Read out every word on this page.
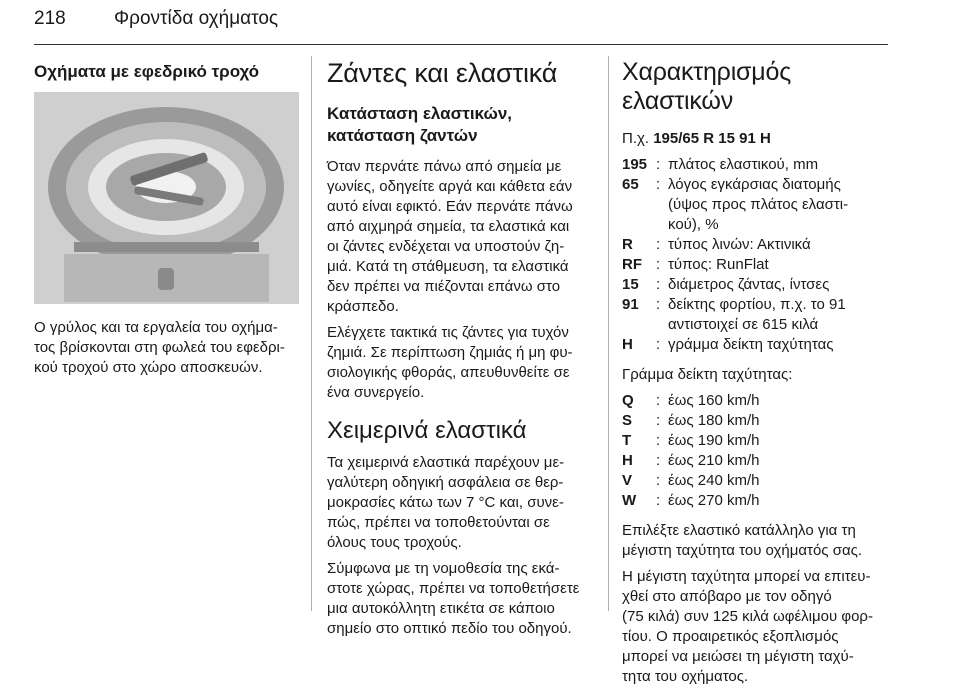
218	Φροντίδα οχήματος
Οχήματα με εφεδρικό τροχό
Ο γρύλος και τα εργαλεία του οχήμα-
τος βρίσκονται στη φωλεά του εφεδρι-
κού τροχού στο χώρο αποσκευών.
Ζάντες και ελαστικά
Κατάσταση ελαστικών,
κατάσταση ζαντών

Όταν περνάτε πάνω από σημεία με
γωνίες, οδηγείτε αργά και κάθετα εάν
αυτό είναι εφικτό. Εάν περνάτε πάνω
από αιχμηρά σημεία, τα ελαστικά και
οι ζάντες ενδέχεται να υποστούν ζη-
μιά. Κατά τη στάθμευση, τα ελαστικά
δεν πρέπει να πιέζονται επάνω στο
κράσπεδο.

Ελέγχετε τακτικά τις ζάντες για τυχόν
ζημιά. Σε περίπτωση ζημιάς ή μη φυ-
σιολογικής φθοράς, απευθυνθείτε σε
ένα συνεργείο.

Χειμερινά ελαστικά

Τα χειμερινά ελαστικά παρέχουν με-
γαλύτερη οδηγική ασφάλεια σε θερ-
μοκρασίες κάτω των 7 °C και, συνε-
πώς, πρέπει να τοποθετούνται σε
όλους τους τροχούς.

Σύμφωνα με τη νομοθεσία της εκά-
στοτε χώρας, πρέπει να τοποθετήσετε
μια αυτοκόλλητη ετικέτα σε κάποιο
σημείο στο οπτικό πεδίο του οδηγού.

Χαρακτηρισμός ελαστικών
Π.χ. 195/65 R 15 91 H
195 : πλάτος ελαστικού, mm
65	: λόγος εγκάρσιας διατομής
(ύψος προς πλάτος ελαστι-
κού), %
R	: τύπος λινών: Ακτινικά
RF : τύπος: RunFlat
15	: διάμετρος ζάντας, ίντσες
91	: δείκτης φορτίου, π.χ. το 91
αντιστοιχεί σε 615 κιλά
H	: γράμμα δείκτη ταχύτητας

Γράμμα δείκτη ταχύτητας:

Q	: έως 160 km/h
S	: έως 180 km/h
T	: έως 190 km/h
H	: έως 210 km/h
V	: έως 240 km/h
W	: έως 270 km/h

Επιλέξτε ελαστικό κατάλληλο για τη
μέγιστη ταχύτητα του οχήματός σας.

Η μέγιστη ταχύτητα μπορεί να επιτευ-
χθεί στο απόβαρο με τον οδηγό
(75 κιλά) συν 125 κιλά ωφέλιμου φορ-
τίου. Ο προαιρετικός εξοπλισμός
μπορεί να μειώσει τη μέγιστη ταχύ-
τητα του οχήματος.
